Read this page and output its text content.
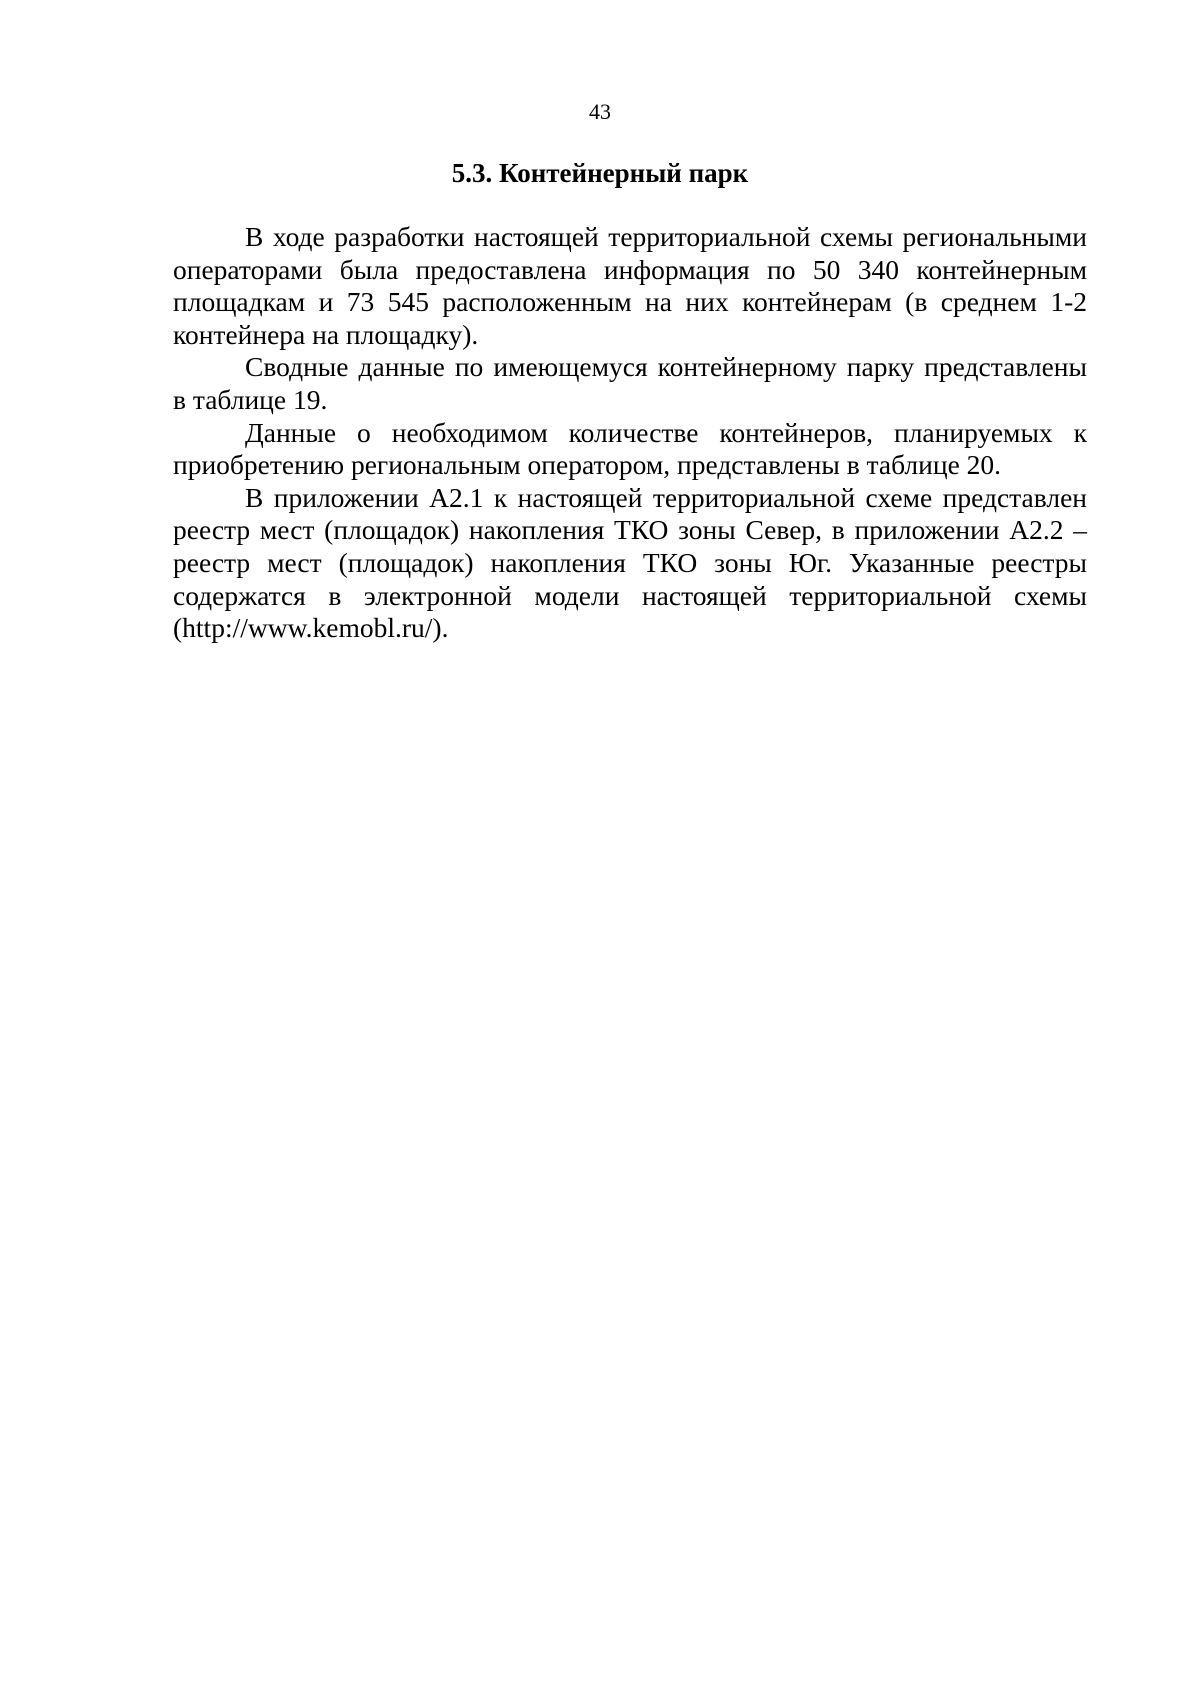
43

5.3. Контейнерный парк

В ходе разработки настоящей территориальной схемы региональными операторами была предоставлена информация по 50 340 контейнерным площадкам и 73 545 расположенным на них контейнерам (в среднем 1-2 контейнера на площадку).

Сводные данные по имеющемуся контейнерному парку представлены в таблице 19.

Данные о необходимом количестве контейнеров, планируемых к приобретению региональным оператором, представлены в таблице 20.

В приложении А2.1 к настоящей территориальной схеме представлен реестр мест (площадок) накопления ТКО зоны Север, в приложении А2.2 – реестр мест (площадок) накопления ТКО зоны Юг. Указанные реестры содержатся в электронной модели настоящей территориальной схемы (http://www.kemobl.ru/).
